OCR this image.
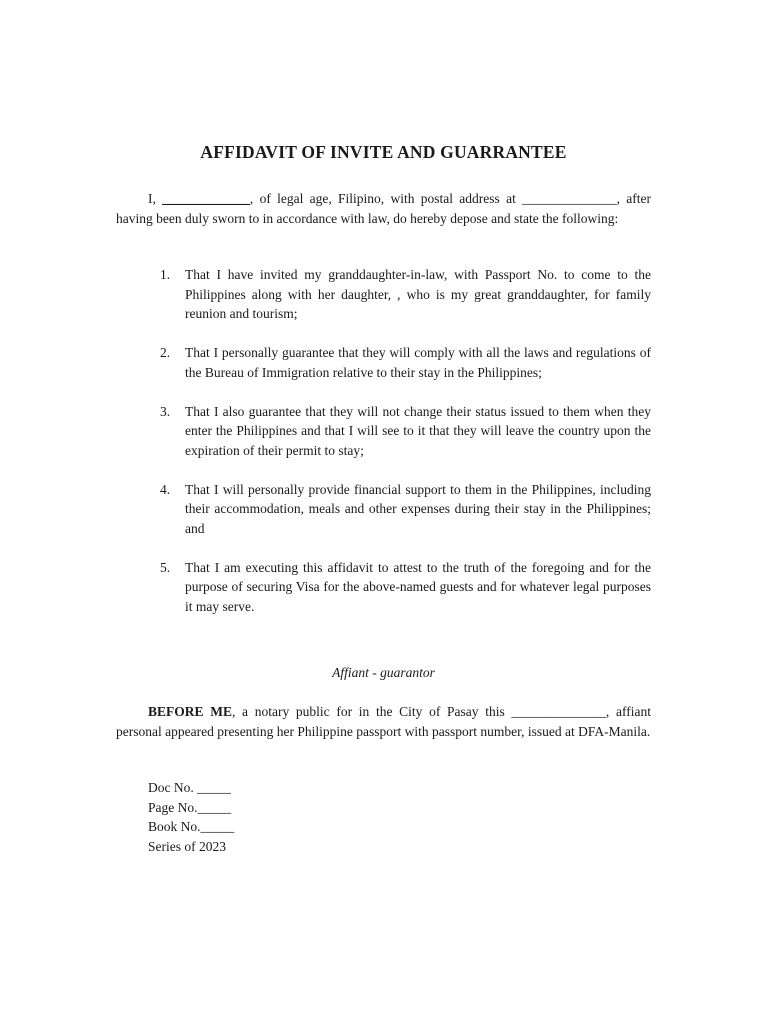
AFFIDAVIT OF INVITE AND GUARRANTEE

I, _____________, of legal age, Filipino, with postal address at ______________, after having been duly sworn to in accordance with law, do hereby depose and state the following:

1. That I have invited my granddaughter-in-law, with Passport No. to come to the Philippines along with her daughter, , who is my great granddaughter, for family reunion and tourism;
2. That I personally guarantee that they will comply with all the laws and regulations of the Bureau of Immigration relative to their stay in the Philippines;
3. That I also guarantee that they will not change their status issued to them when they enter the Philippines and that I will see to it that they will leave the country upon the expiration of their permit to stay;
4. That I will personally provide financial support to them in the Philippines, including their accommodation, meals and other expenses during their stay in the Philippines; and
5. That I am executing this affidavit to attest to the truth of the foregoing and for the purpose of securing Visa for the above-named guests and for whatever legal purposes it may serve.
Affiant - guarantor

BEFORE ME, a notary public for in the City of Pasay this ______________, affiant personal appeared presenting her Philippine passport with passport number, issued at DFA-Manila.

Doc No. _____
Page No._____
Book No._____
Series of 2023
